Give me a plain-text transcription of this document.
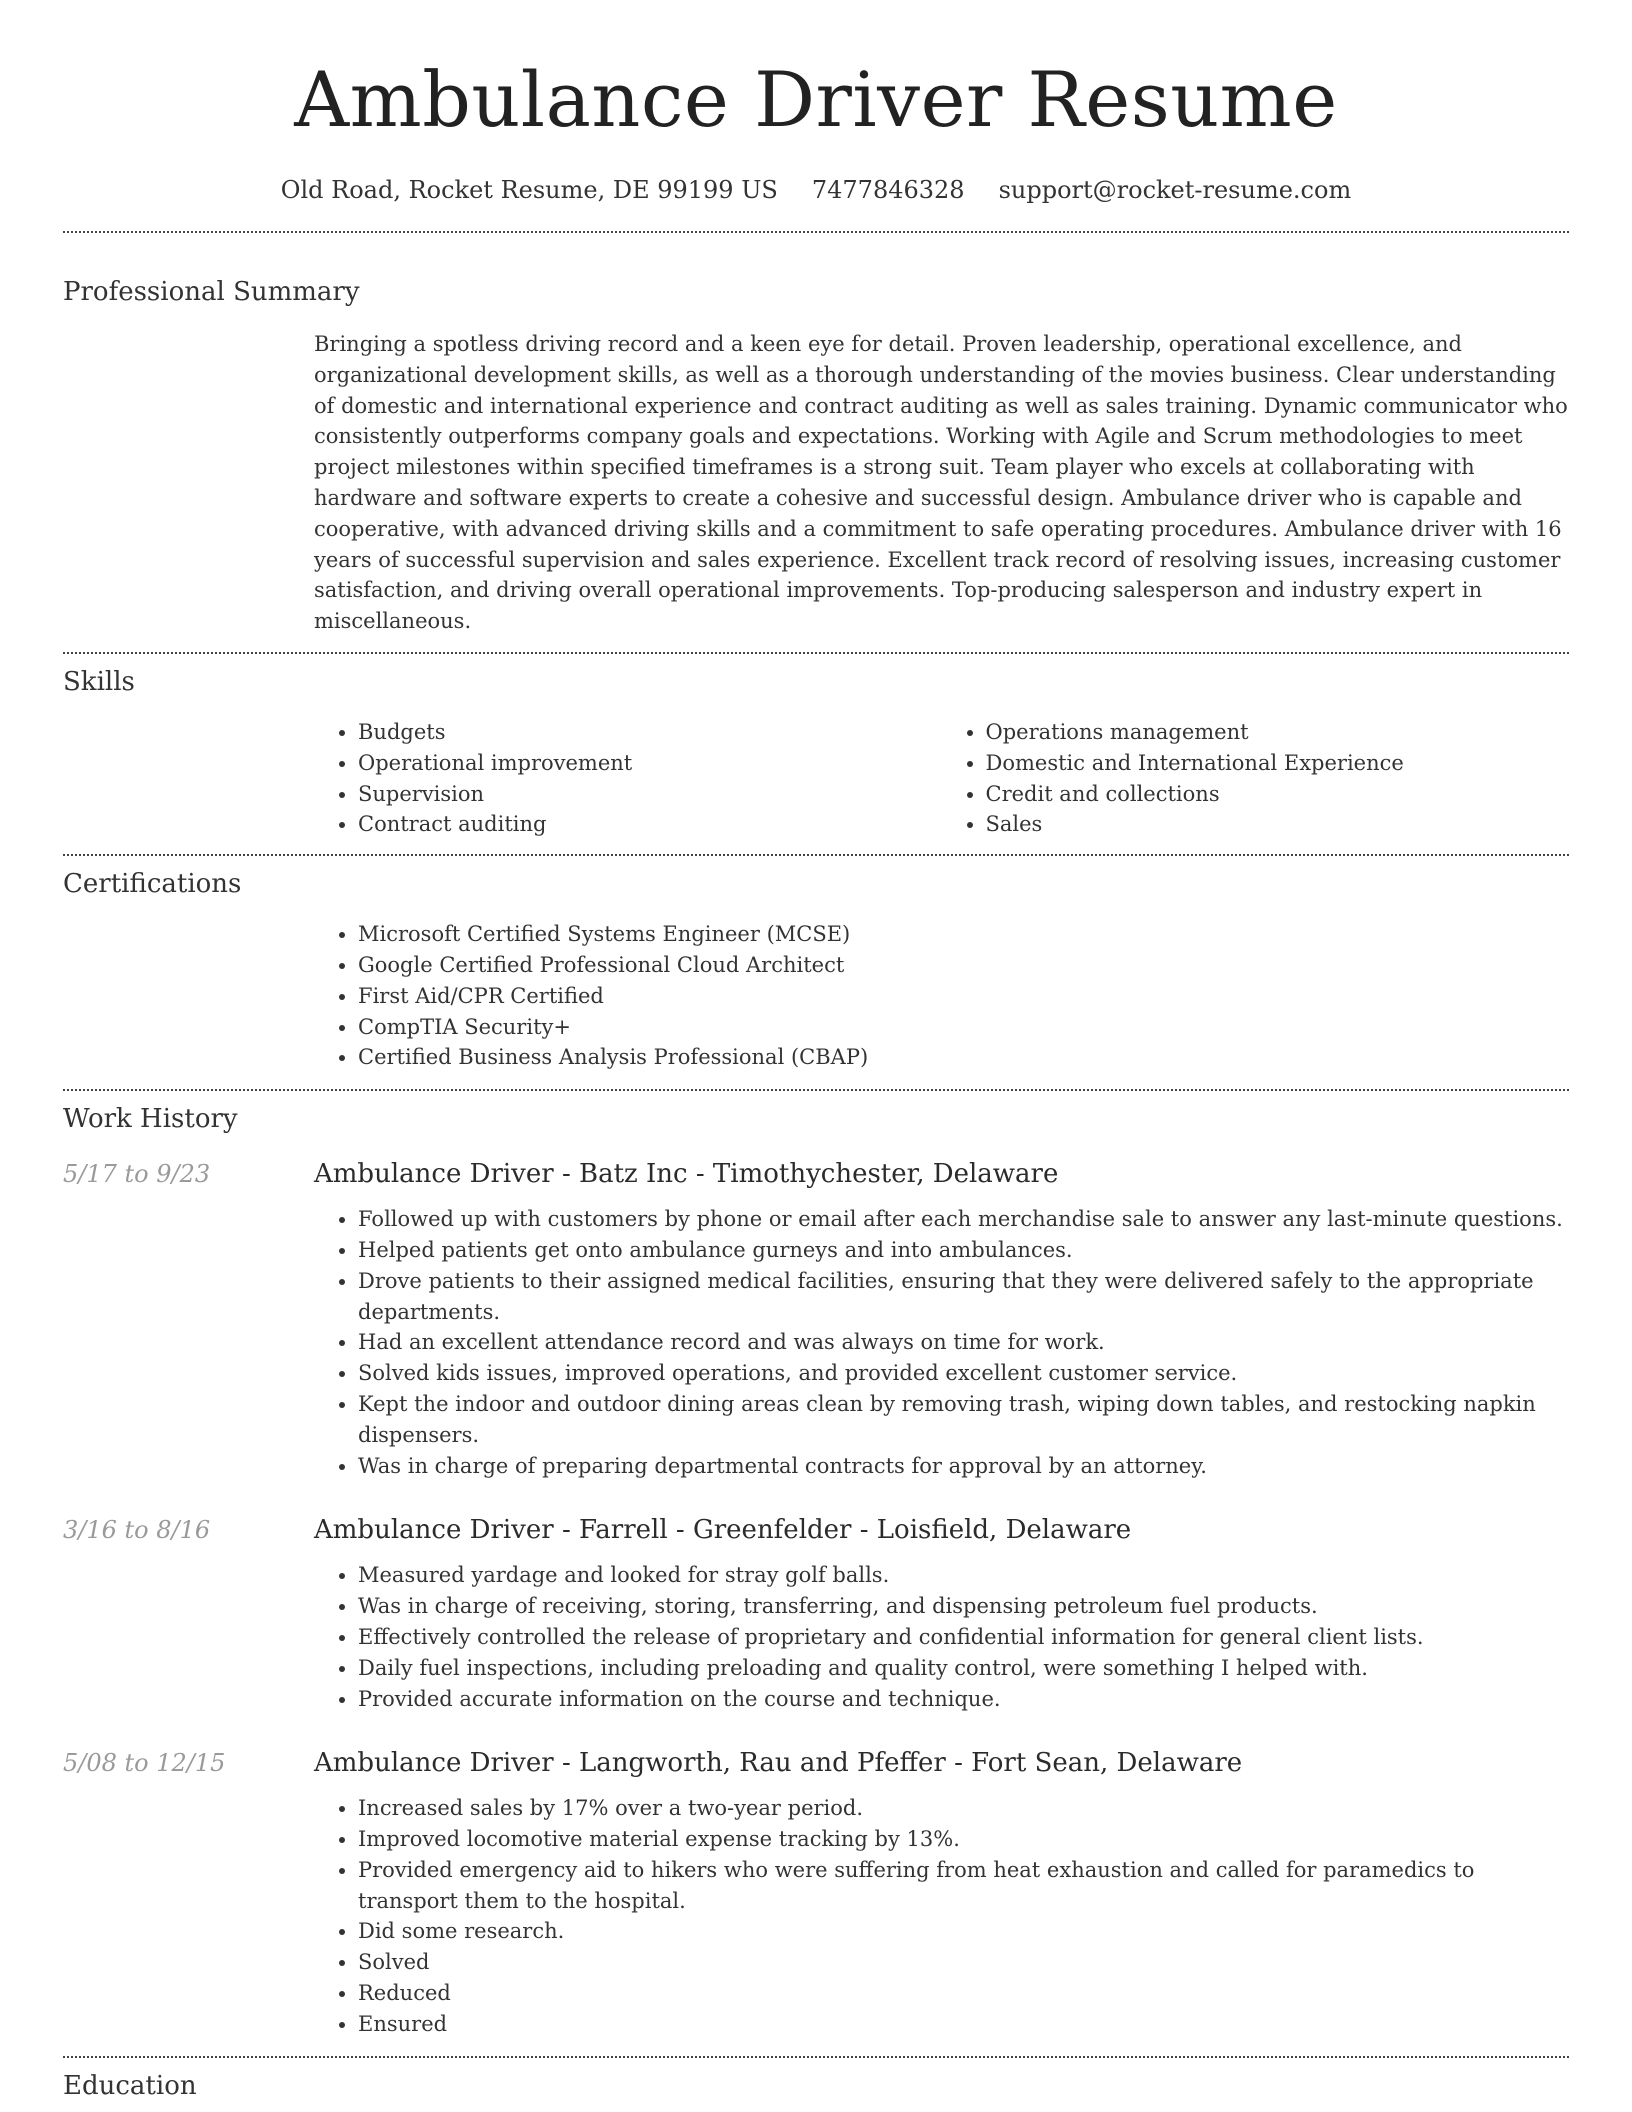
Ambulance Driver Resume
Old Road, Rocket Resume, DE 99199 US 7477846328 support@rocket-resume.com
Professional Summary

Bringing a spotless driving record and a keen eye for detail. Proven leadership, operational excellence, and organizational development skills, as well as a thorough understanding of the movies business. Clear understanding of domestic and international experience and contract auditing as well as sales training. Dynamic communicator who consistently outperforms company goals and expectations. Working with Agile and Scrum methodologies to meet project milestones within specified timeframes is a strong suit. Team player who excels at collaborating with hardware and software experts to create a cohesive and successful design. Ambulance driver who is capable and cooperative, with advanced driving skills and a commitment to safe operating procedures. Ambulance driver with 16 years of successful supervision and sales experience. Excellent track record of resolving issues, increasing customer satisfaction, and driving overall operational improvements. Top-producing salesperson and industry expert in miscellaneous.

Skills
• Budgets
• Operational improvement
• Supervision
• Contract auditing
• Operations management
• Domestic and International Experience
• Credit and collections
• Sales
Certifications
• Microsoft Certified Systems Engineer (MCSE)
• Google Certified Professional Cloud Architect
• First Aid/CPR Certified
• CompTIA Security+
• Certified Business Analysis Professional (CBAP)
Work History
5/17 to 9/23	Ambulance Driver - Batz Inc - Timothychester, Delaware
• Followed up with customers by phone or email after each merchandise sale to answer any last-minute questions.
• Helped patients get onto ambulance gurneys and into ambulances.
• Drove patients to their assigned medical facilities, ensuring that they were delivered safely to the appropriate departments.
• Had an excellent attendance record and was always on time for work.
• Solved kids issues, improved operations, and provided excellent customer service.
• Kept the indoor and outdoor dining areas clean by removing trash, wiping down tables, and restocking napkin dispensers.
• Was in charge of preparing departmental contracts for approval by an attorney.
3/16 to 8/16	Ambulance Driver - Farrell - Greenfelder - Loisfield, Delaware
• Measured yardage and looked for stray golf balls.
• Was in charge of receiving, storing, transferring, and dispensing petroleum fuel products.
• Effectively controlled the release of proprietary and confidential information for general client lists.
• Daily fuel inspections, including preloading and quality control, were something I helped with.
• Provided accurate information on the course and technique.
5/08 to 12/15	Ambulance Driver - Langworth, Rau and Pfeffer - Fort Sean, Delaware
• Increased sales by 17% over a two-year period.
• Improved locomotive material expense tracking by 13%.
• Provided emergency aid to hikers who were suffering from heat exhaustion and called for paramedics to transport them to the hospital.
• Did some research.
• Solved
• Reduced
• Ensured
Education
